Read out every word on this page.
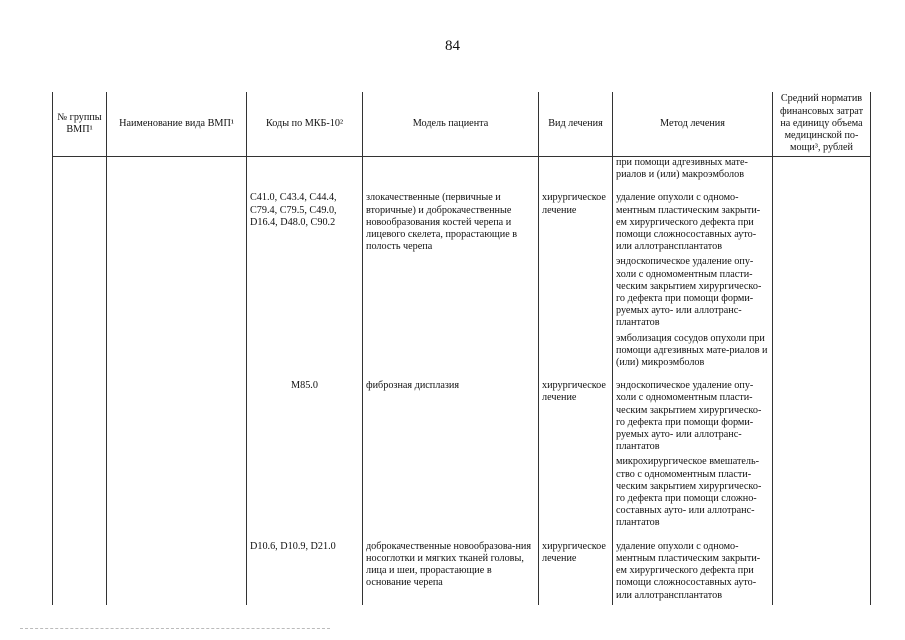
84
№ группы ВМП¹	Наименование вида ВМП¹	Коды по МКБ-10²	Модель пациента	Вид лечения	Метод лечения	Средний норматив финансовых затрат на единицу объема медицинской по-мощи³, рублей

					при помощи адгезивных мате-риалов и (или) макроэмболов	

		C41.0, C43.4, C44.4, C79.4, C79.5, C49.0, D16.4, D48.0, C90.2	злокачественные (первичные и вторичные) и доброкачественные новообразования костей черепа и лицевого скелета, прорастающие в полость черепа	хирургическое лечение	удаление опухоли с одномо-ментным пластическим закрыти-ем хирургического дефекта при помощи сложносоставных ауто- или аллотрансплантатов
эндоскопическое удаление опу-холи с одномоментным пласти-ческим закрытием хирургическо-го дефекта при помощи форми-руемых ауто- или аллотранс-плантатов
эмболизация сосудов опухоли при помощи адгезивных мате-риалов и (или) микроэмболов	

		M85.0	фиброзная дисплазия	хирургическое лечение	эндоскопическое удаление опу-холи с одномоментным пласти-ческим закрытием хирургическо-го дефекта при помощи форми-руемых ауто- или аллотранс-плантатов
микрохирургическое вмешатель-ство с одномоментным пласти-ческим закрытием хирургическо-го дефекта при помощи сложно-составных ауто- или аллотранс-плантатов	

		D10.6, D10.9, D21.0	доброкачественные новообразова-ния носоглотки и мягких тканей головы, лица и шеи, прорастающие в основание черепа	хирургическое лечение	удаление опухоли с одномо-ментным пластическим закрыти-ем хирургического дефекта при помощи сложносоставных ауто-или аллотрансплантатов	
